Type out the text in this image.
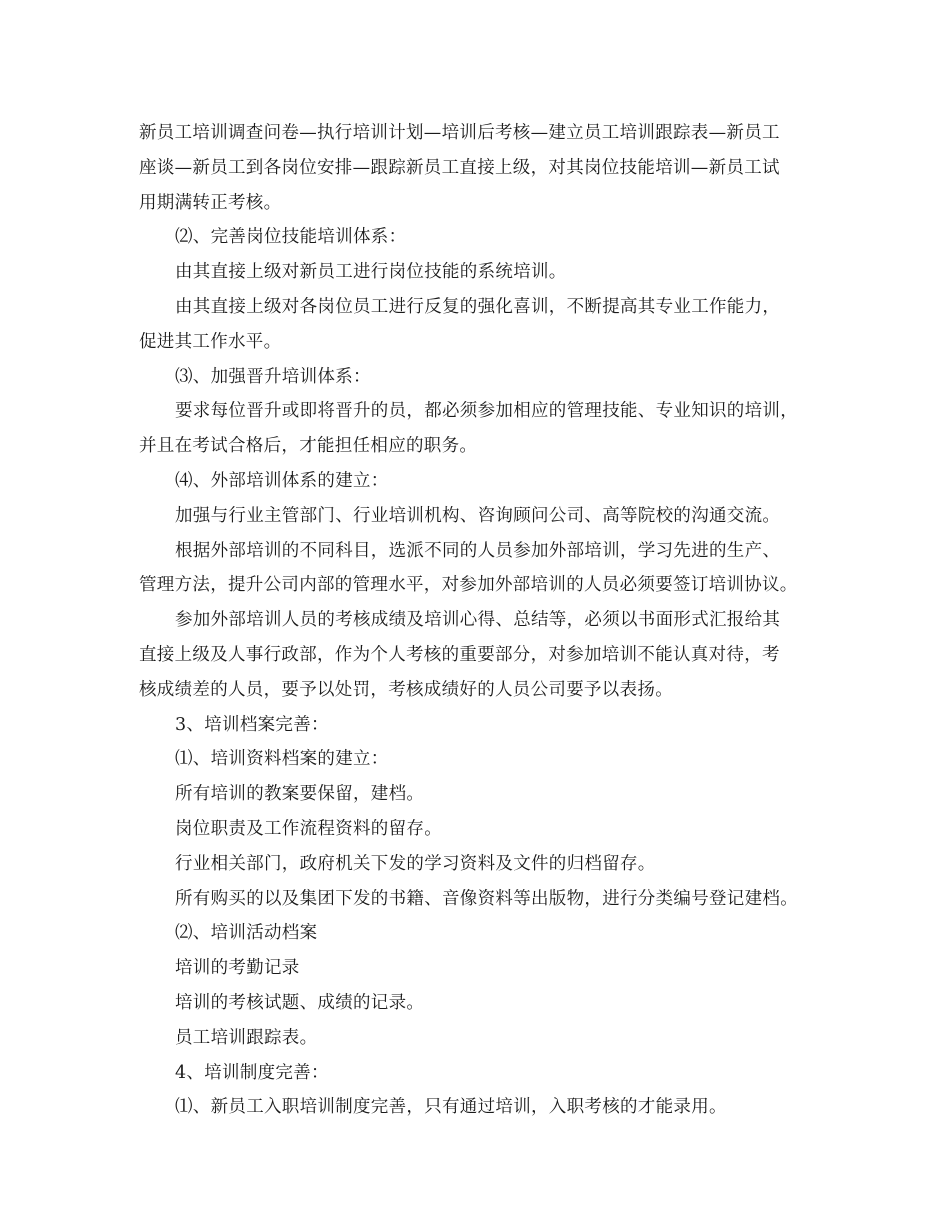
新员工培训调查问卷—执行培训计划—培训后考核—建立员工培训跟踪表—新员工
座谈—新员工到各岗位安排—跟踪新员工直接上级，对其岗位技能培训—新员工试
用期满转正考核。
⑵、完善岗位技能培训体系：
由其直接上级对新员工进行岗位技能的系统培训。
由其直接上级对各岗位员工进行反复的强化喜训，不断提高其专业工作能力，
促进其工作水平。
⑶、加强晋升培训体系：
要求每位晋升或即将晋升的员，都必须参加相应的管理技能、专业知识的培训，
并且在考试合格后，才能担任相应的职务。
⑷、外部培训体系的建立：
加强与行业主管部门、行业培训机构、咨询顾问公司、高等院校的沟通交流。
根据外部培训的不同科目，选派不同的人员参加外部培训，学习先进的生产、
管理方法，提升公司内部的管理水平，对参加外部培训的人员必须要签订培训协议。
参加外部培训人员的考核成绩及培训心得、总结等，必须以书面形式汇报给其
直接上级及人事行政部，作为个人考核的重要部分，对参加培训不能认真对待，考
核成绩差的人员，要予以处罚，考核成绩好的人员公司要予以表扬。
3、培训档案完善：
⑴、培训资料档案的建立：
所有培训的教案要保留，建档。
岗位职责及工作流程资料的留存。
行业相关部门，政府机关下发的学习资料及文件的归档留存。
所有购买的以及集团下发的书籍、音像资料等出版物，进行分类编号登记建档。
⑵、培训活动档案
培训的考勤记录
培训的考核试题、成绩的记录。
员工培训跟踪表。
4、培训制度完善：
⑴、新员工入职培训制度完善，只有通过培训，入职考核的才能录用。
